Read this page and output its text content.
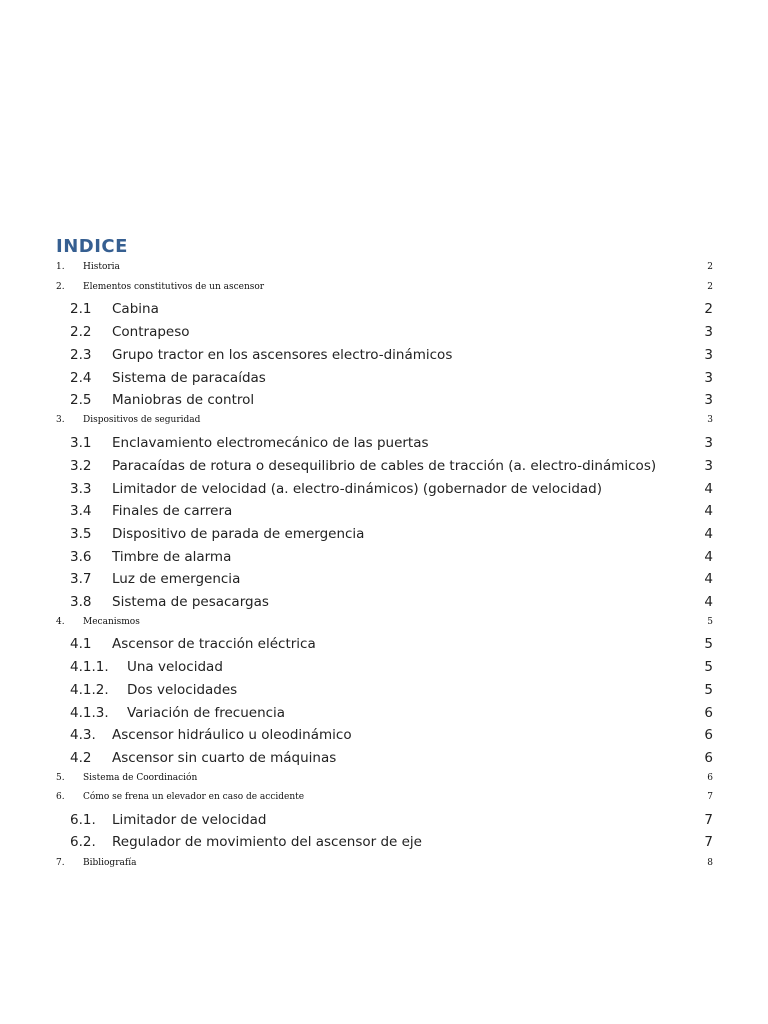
INDICE
1.	Historia	2
2.	Elementos constitutivos de un ascensor	2
2.1	Cabina	2
2.2	Contrapeso	3
2.3	Grupo tractor en los ascensores electro-dinámicos	3
2.4	Sistema de paracaídas	3
2.5	Maniobras de control	3
3.	Dispositivos de seguridad	3
3.1	Enclavamiento electromecánico de las puertas	3
3.2	Paracaídas de rotura o desequilibrio de cables de tracción (a. electro-dinámicos)	3
3.3	Limitador de velocidad (a. electro-dinámicos) (gobernador de velocidad)	4
3.4	Finales de carrera	4
3.5	Dispositivo de parada de emergencia	4
3.6	Timbre de alarma	4
3.7	Luz de emergencia	4
3.8	Sistema de pesacargas	4
4.	Mecanismos	5
4.1	Ascensor de tracción eléctrica	5
4.1.1.	Una velocidad	5
4.1.2.	Dos velocidades	5
4.1.3.	Variación de frecuencia	6
4.3.	Ascensor hidráulico u oleodinámico	6
4.2	Ascensor sin cuarto de máquinas	6
5.	Sistema de Coordinación	6
6.	Cómo se frena un elevador en caso de accidente	7
6.1.	Limitador de velocidad	7
6.2.	Regulador de movimiento del ascensor de eje	7
7.	Bibliografía	8
